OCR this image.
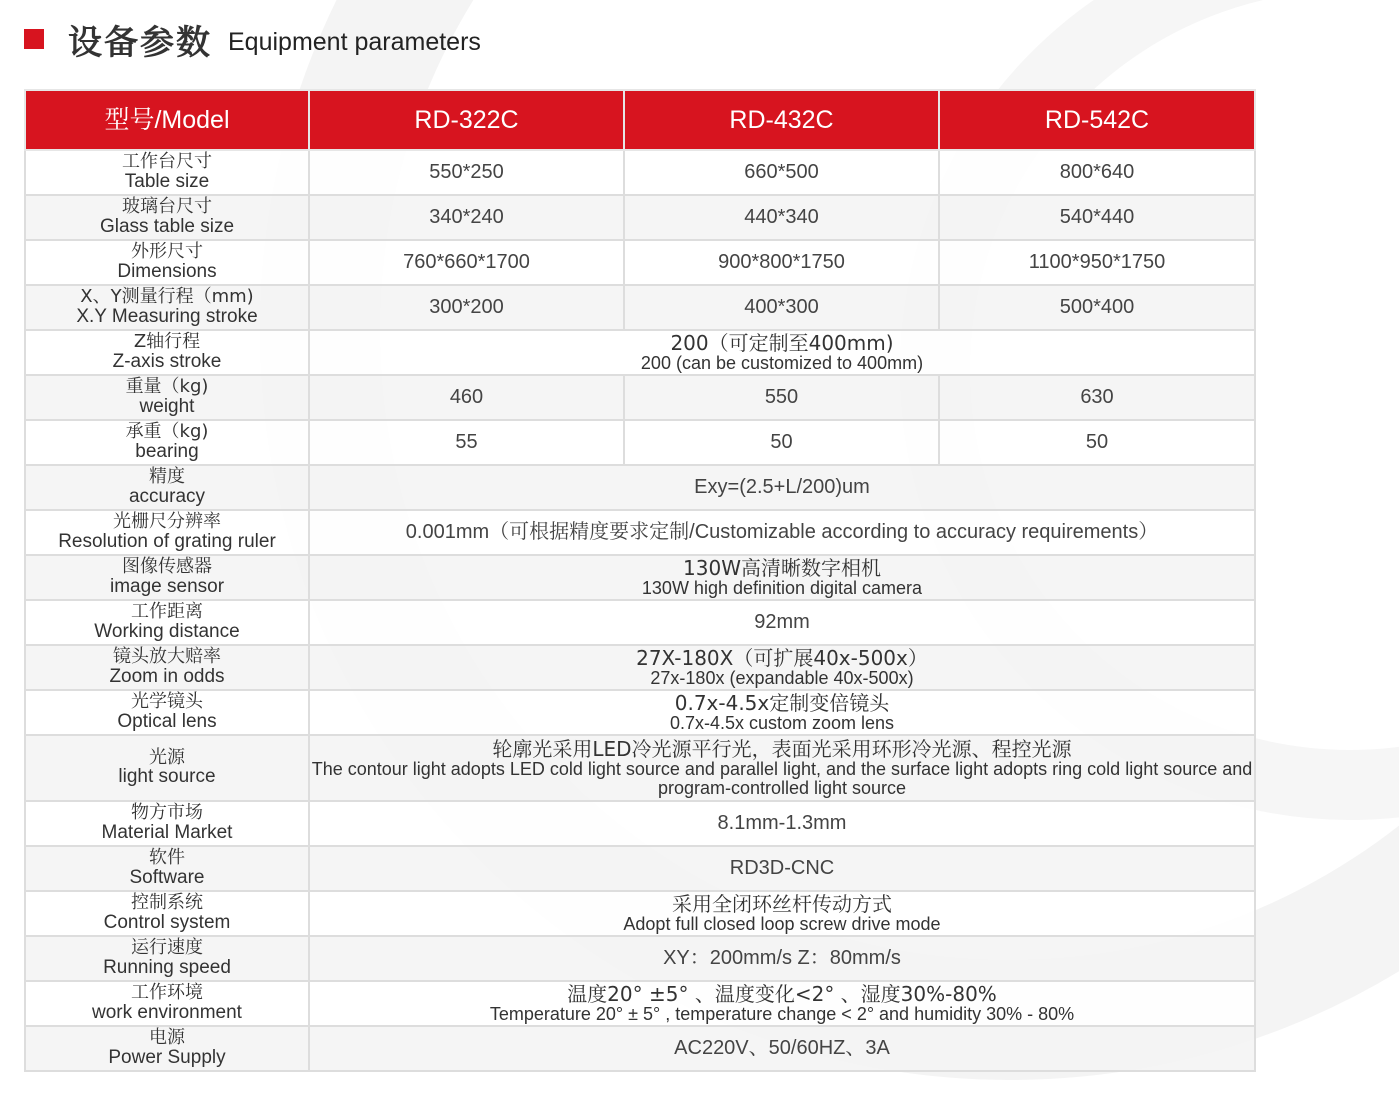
设备参数 Equipment parameters
型号/Model	RD-322C	RD-432C	RD-542C

工作台尺寸
Table size	550*250	660*500	800*640

玻璃台尺寸
Glass table size	340*240	440*340	540*440

外形尺寸
Dimensions	760*660*1700	900*800*1750	1100*950*1750

X、Y测量行程（mm)
X.Y Measuring stroke	300*200	400*300	500*400

Z轴行程
Z-axis stroke	200（可定制至400mm)
200 (can be customized to 400mm)		

重量（kg)
weight	460	550	630

承重（kg)
bearing	55	50	50

精度
accuracy	Exy=(2.5+L/200)um		

光栅尺分辨率
Resolution of grating ruler	0.001mm（可根据精度要求定制/Customizable according to accuracy requirements）		

图像传感器
image sensor	130W高清晰数字相机
130W high definition digital camera		

工作距离
Working distance	92mm		

镜头放大赔率
Zoom in odds	27X-180X（可扩展40x-500x）
27x-180x (expandable 40x-500x)		

光学镜头
Optical lens	0.7x-4.5x定制变倍镜头
0.7x-4.5x custom zoom lens		

光源
light source	轮廓光采用LED冷光源平行光，表面光采用环形冷光源、程控光源
The contour light adopts LED cold light source and parallel light, and the surface light adopts ring cold light source and program-controlled light source		

物方市场
Material Market	8.1mm-1.3mm		

软件
Software	RD3D-CNC		

控制系统
Control system	采用全闭环丝杆传动方式
Adopt full closed loop screw drive mode		

运行速度
Running speed	XY：200mm/s Z：80mm/s		

工作环境
work environment	温度20° ±5° 、温度变化<2° 、湿度30%-80%
Temperature 20° ± 5° , temperature change < 2° and humidity 30% - 80%		

电源
Power Supply	AC220V、50/60HZ、3A		
